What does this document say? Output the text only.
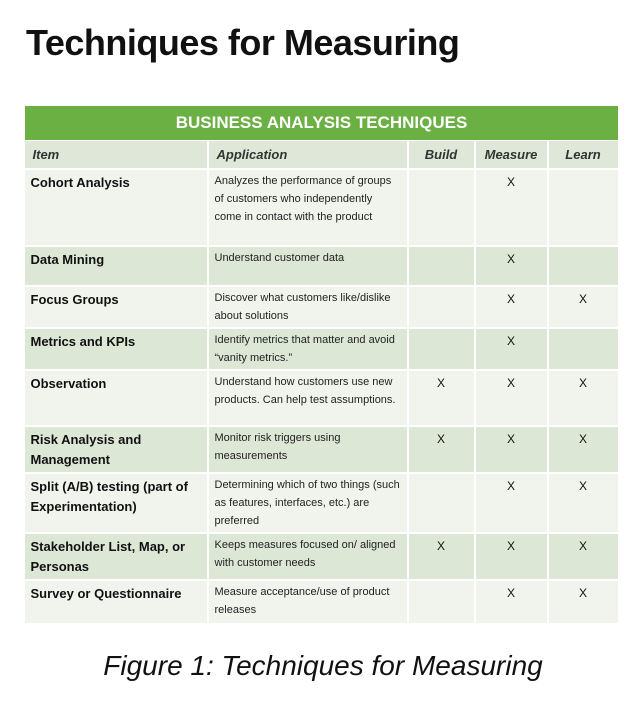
Techniques for Measuring
BUSINESS ANALYSIS TECHNIQUES				
Item	Application	Build	Measure	Learn
Cohort Analysis	Analyzes the performance of groups of customers who independently come in contact with the product		X	
Data Mining	Understand customer data		X	
Focus Groups	Discover what customers like/dislike about solutions		X	X
Metrics and KPIs	Identify metrics that matter and avoid “vanity metrics.”		X	
Observation	Understand how customers use new products. Can help test assumptions.	X	X	X
Risk Analysis and Management	Monitor risk triggers using measurements	X	X	X
Split (A/B) testing (part of Experimentation)	Determining which of two things (such as features, interfaces, etc.) are preferred		X	X
Stakeholder List, Map, or Personas	Keeps measures focused on/ aligned with customer needs	X	X	X
Survey or Questionnaire	Measure acceptance/use of product releases		X	X
Figure 1: Techniques for Measuring
